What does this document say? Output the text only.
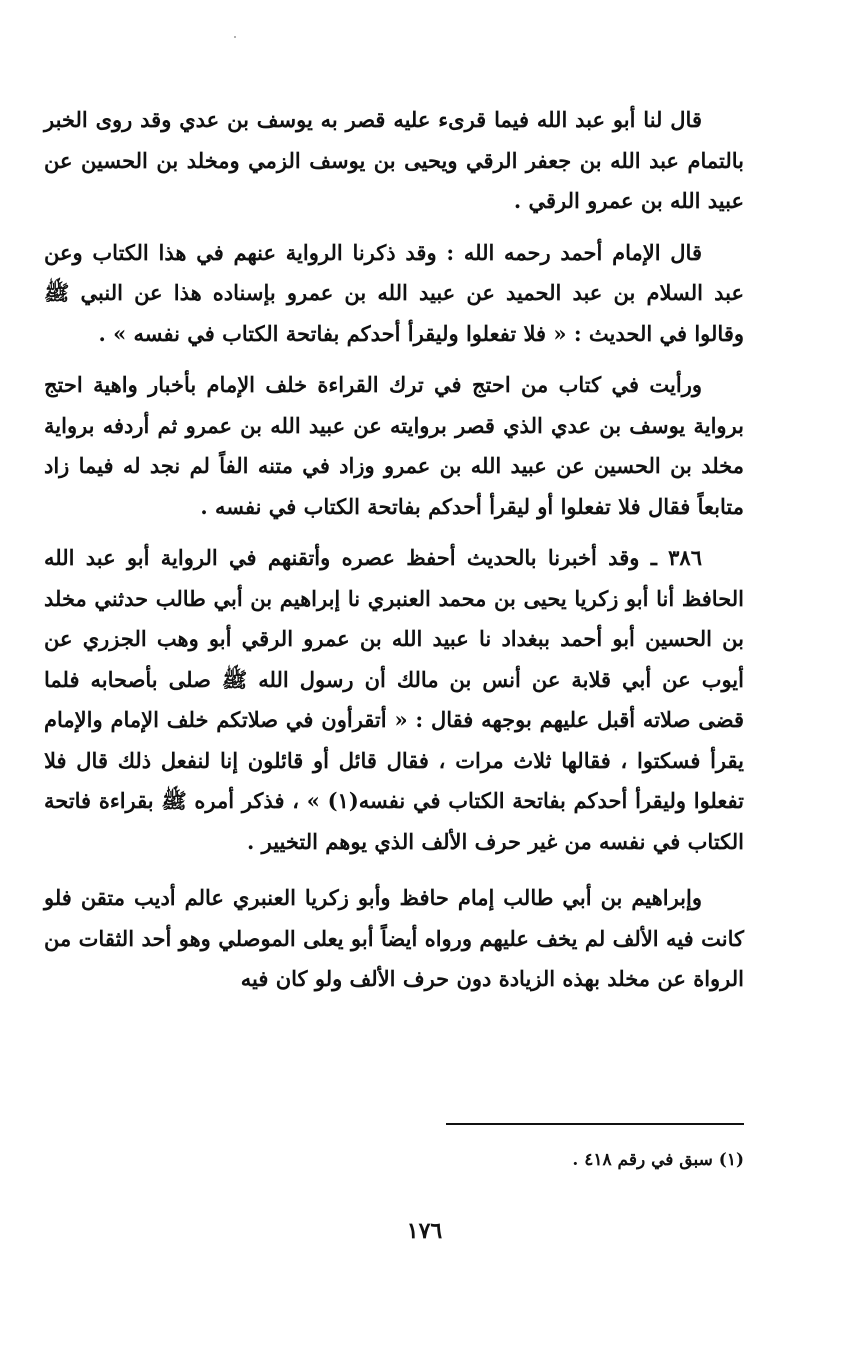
قال لنا أبو عبد الله فيما قرىء عليه قصر به يوسف بن عدي وقد روى الخبر بالتمام عبد الله بن جعفر الرقي ويحيى بن يوسف الزمي ومخلد بن الحسين عن عبيد الله بن عمرو الرقي .

قال الإمام أحمد رحمه الله : وقد ذكرنا الرواية عنهم في هذا الكتاب وعن عبد السلام بن عبد الحميد عن عبيد الله بن عمرو بإسناده هذا عن النبي ﷺ وقالوا في الحديث : « فلا تفعلوا وليقرأ أحدكم بفاتحة الكتاب في نفسه » .

ورأيت في كتاب من احتج في ترك القراءة خلف الإمام بأخبار واهية احتج برواية يوسف بن عدي الذي قصر بروايته عن عبيد الله بن عمرو ثم أردفه برواية مخلد بن الحسين عن عبيد الله بن عمرو وزاد في متنه الفاً لم نجد له فيما زاد متابعاً فقال فلا تفعلوا أو ليقرأ أحدكم بفاتحة الكتاب في نفسه .

٣٨٦ ـ وقد أخبرنا بالحديث أحفظ عصره وأتقنهم في الرواية أبو عبد الله الحافظ أنا أبو زكريا يحيى بن محمد العنبري نا إبراهيم بن أبي طالب حدثني مخلد بن الحسين أبو أحمد ببغداد نا عبيد الله بن عمرو الرقي أبو وهب الجزري عن أيوب عن أبي قلابة عن أنس بن مالك أن رسول الله ﷺ صلى بأصحابه فلما قضى صلاته أقبل عليهم بوجهه فقال : « أتقرأون في صلاتكم خلف الإمام والإمام يقرأ فسكتوا ، فقالها ثلاث مرات ، فقال قائل أو قائلون إنا لنفعل ذلك قال فلا تفعلوا وليقرأ أحدكم بفاتحة الكتاب في نفسه(١) » ، فذكر أمره ﷺ بقراءة فاتحة الكتاب في نفسه من غير حرف الألف الذي يوهم التخيير .

وإبراهيم بن أبي طالب إمام حافظ وأبو زكريا العنبري عالم أديب متقن فلو كانت فيه الألف لم يخف عليهم ورواه أيضاً أبو يعلى الموصلي وهو أحد الثقات من الرواة عن مخلد بهذه الزيادة دون حرف الألف ولو كان فيه

(١) سبق في رقم ٤١٨ .
١٧٦
